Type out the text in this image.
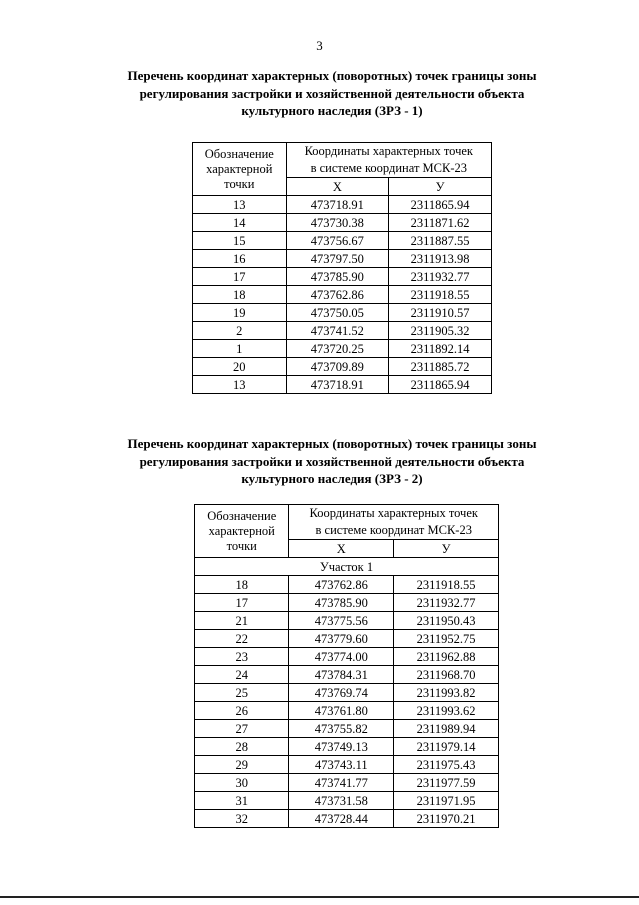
3
Перечень координат характерных (поворотных) точек границы зоны
регулирования застройки и хозяйственной деятельности объекта
культурного наследия (ЗРЗ - 1)
Обозначение
характерной
точки	Координаты характерных точек	
	в системе координат МСК-23	
	Х	У
13	473718.91	2311865.94
14	473730.38	2311871.62
15	473756.67	2311887.55
16	473797.50	2311913.98
17	473785.90	2311932.77
18	473762.86	2311918.55
19	473750.05	2311910.57
2	473741.52	2311905.32
1	473720.25	2311892.14
20	473709.89	2311885.72
13	473718.91	2311865.94
Перечень координат характерных (поворотных) точек границы зоны
регулирования застройки и хозяйственной деятельности объекта
культурного наследия (ЗРЗ - 2)
Обозначение
характерной
точки	Координаты характерных точек	
	в системе координат МСК-23	
	Х	У
Участок 1		
18	473762.86	2311918.55
17	473785.90	2311932.77
21	473775.56	2311950.43
22	473779.60	2311952.75
23	473774.00	2311962.88
24	473784.31	2311968.70
25	473769.74	2311993.82
26	473761.80	2311993.62
27	473755.82	2311989.94
28	473749.13	2311979.14
29	473743.11	2311975.43
30	473741.77	2311977.59
31	473731.58	2311971.95
32	473728.44	2311970.21
